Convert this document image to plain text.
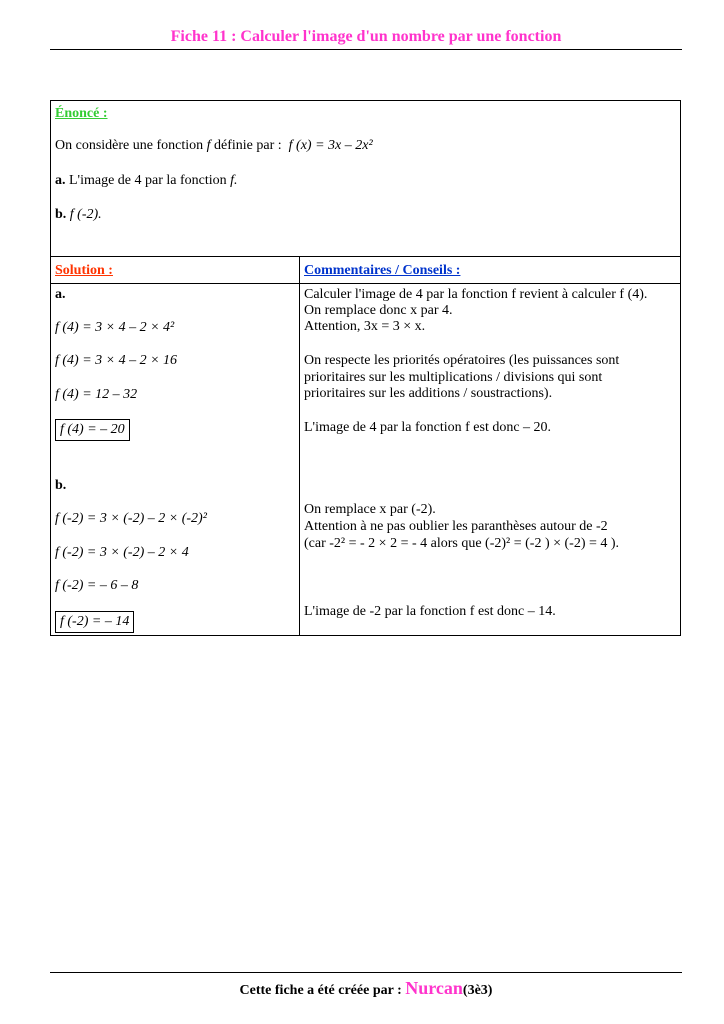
Fiche 11 : Calculer l'image d'un nombre par une fonction
Énoncé :
On considère une fonction f définie par : f (x) = 3x – 2x²
a. L'image de 4 par la fonction f.
b. f (-2).
Solution :	Commentaires / Conseils :
a.
f (4) = 3 × 4 – 2 × 4²
f (4) = 3 × 4 – 2 × 16
f (4) = 12 – 32
f (4) = – 20
b.
f (-2) = 3 × (-2) – 2 × (-2)²
f (-2) = 3 × (-2) – 2 × 4
f (-2) = – 6 – 8
f (-2) = – 14
Calculer l'image de 4 par la fonction f revient à calculer f (4).
On remplace donc x par 4.
Attention, 3x = 3 × x.
On respecte les priorités opératoires (les puissances sont
prioritaires sur les multiplications / divisions qui sont
prioritaires sur les additions / soustractions).
L'image de 4 par la fonction f est donc – 20.
On remplace x par (-2).
Attention à ne pas oublier les paranthèses autour de -2
(car -2² = - 2 × 2 = - 4 alors que (-2)² = (-2 ) × (-2) = 4 ).
L'image de -2 par la fonction f est donc – 14.
Cette fiche a été créée par : Nurcan(3è3)
